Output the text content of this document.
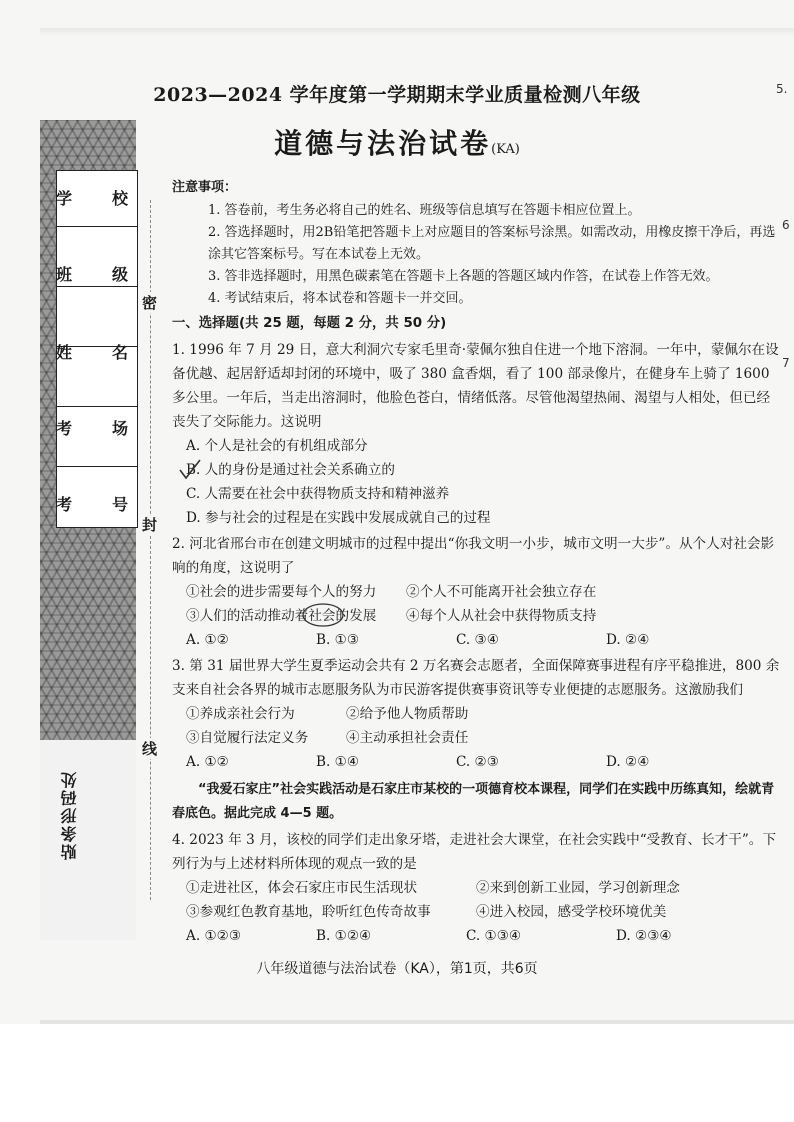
5.
6
7
学 校
班 级
姓 名
考 场
考 号
贴条形码处
密
封
线
2023—2024 学年度第一学期期末学业质量检测八年级
道德与法治试卷(KA)
注意事项：
1. 答卷前，考生务必将自己的姓名、班级等信息填写在答题卡相应位置上。
2. 答选择题时，用2B铅笔把答题卡上对应题目的答案标号涂黑。如需改动，用橡皮擦干净后，再选涂其它答案标号。写在本试卷上无效。
3. 答非选择题时，用黑色碳素笔在答题卡上各题的答题区域内作答，在试卷上作答无效。
4. 考试结束后，将本试卷和答题卡一并交回。
一、选择题(共 25 题，每题 2 分，共 50 分)
1. 1996 年 7 月 29 日，意大利洞穴专家毛里奇·蒙佩尔独自住进一个地下溶洞。一年中，蒙佩尔在设备优越、起居舒适却封闭的环境中，吸了 380 盒香烟，看了 100 部录像片，在健身车上骑了 1600 多公里。一年后，当走出溶洞时，他脸色苍白，情绪低落。尽管他渴望热闹、渴望与人相处，但已经丧失了交际能力。这说明
A. 个人是社会的有机组成部分
B. 人的身份是通过社会关系确立的
C. 人需要在社会中获得物质支持和精神滋养
D. 参与社会的过程是在实践中发展成就自己的过程
2. 河北省邢台市在创建文明城市的过程中提出“你我文明一小步，城市文明一大步”。从个人对社会影响的角度，这说明了
①社会的进步需要每个人的努力	②个人不可能离开社会独立存在
③人们的活动推动着社会的发展	④每个人从社会中获得物质支持
A. ①②	B. ①③	C. ③④	D. ②④
3. 第 31 届世界大学生夏季运动会共有 2 万名赛会志愿者，全面保障赛事进程有序平稳推进，800 余支来自社会各界的城市志愿服务队为市民游客提供赛事资讯等专业便捷的志愿服务。这激励我们
①养成亲社会行为	②给予他人物质帮助
③自觉履行法定义务	④主动承担社会责任
A. ①②	B. ①④	C. ②③	D. ②④
“我爱石家庄”社会实践活动是石家庄市某校的一项德育校本课程，同学们在实践中历练真知，绘就青春底色。据此完成 4—5 题。
4. 2023 年 3 月，该校的同学们走出象牙塔，走进社会大课堂，在社会实践中“受教育、长才干”。下列行为与上述材料所体现的观点一致的是
①走进社区，体会石家庄市民生活现状	②来到创新工业园，学习创新理念
③参观红色教育基地，聆听红色传奇故事	④进入校园，感受学校环境优美
A. ①②③	B. ①②④	C. ①③④	D. ②③④
八年级道德与法治试卷（KA），第1页，共6页
